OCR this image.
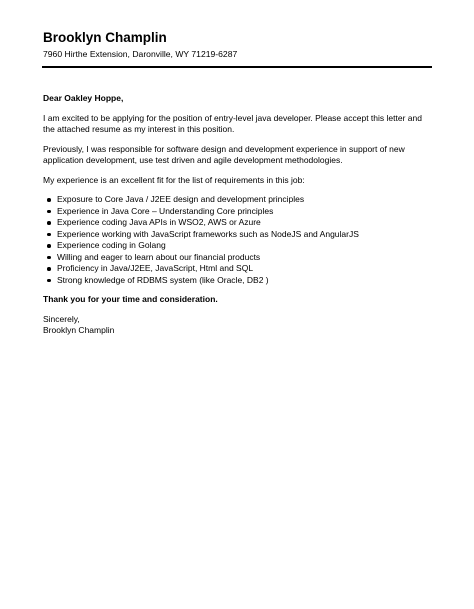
Brooklyn Champlin
7960 Hirthe Extension, Daronville, WY 71219-6287

Dear Oakley Hoppe,

I am excited to be applying for the position of entry-level java developer. Please accept this letter and the attached resume as my interest in this position.

Previously, I was responsible for software design and development experience in support of new application development, use test driven and agile development methodologies.

My experience is an excellent fit for the list of requirements in this job:

Exposure to Core Java / J2EE design and development principles
Experience in Java Core – Understanding Core principles
Experience coding Java APIs in WSO2, AWS or Azure
Experience working with JavaScript frameworks such as NodeJS and AngularJS
Experience coding in Golang
Willing and eager to learn about our financial products
Proficiency in Java/J2EE, JavaScript, Html and SQL
Strong knowledge of RDBMS system (like Oracle, DB2 )

Thank you for your time and consideration.

Sincerely,

Brooklyn Champlin
